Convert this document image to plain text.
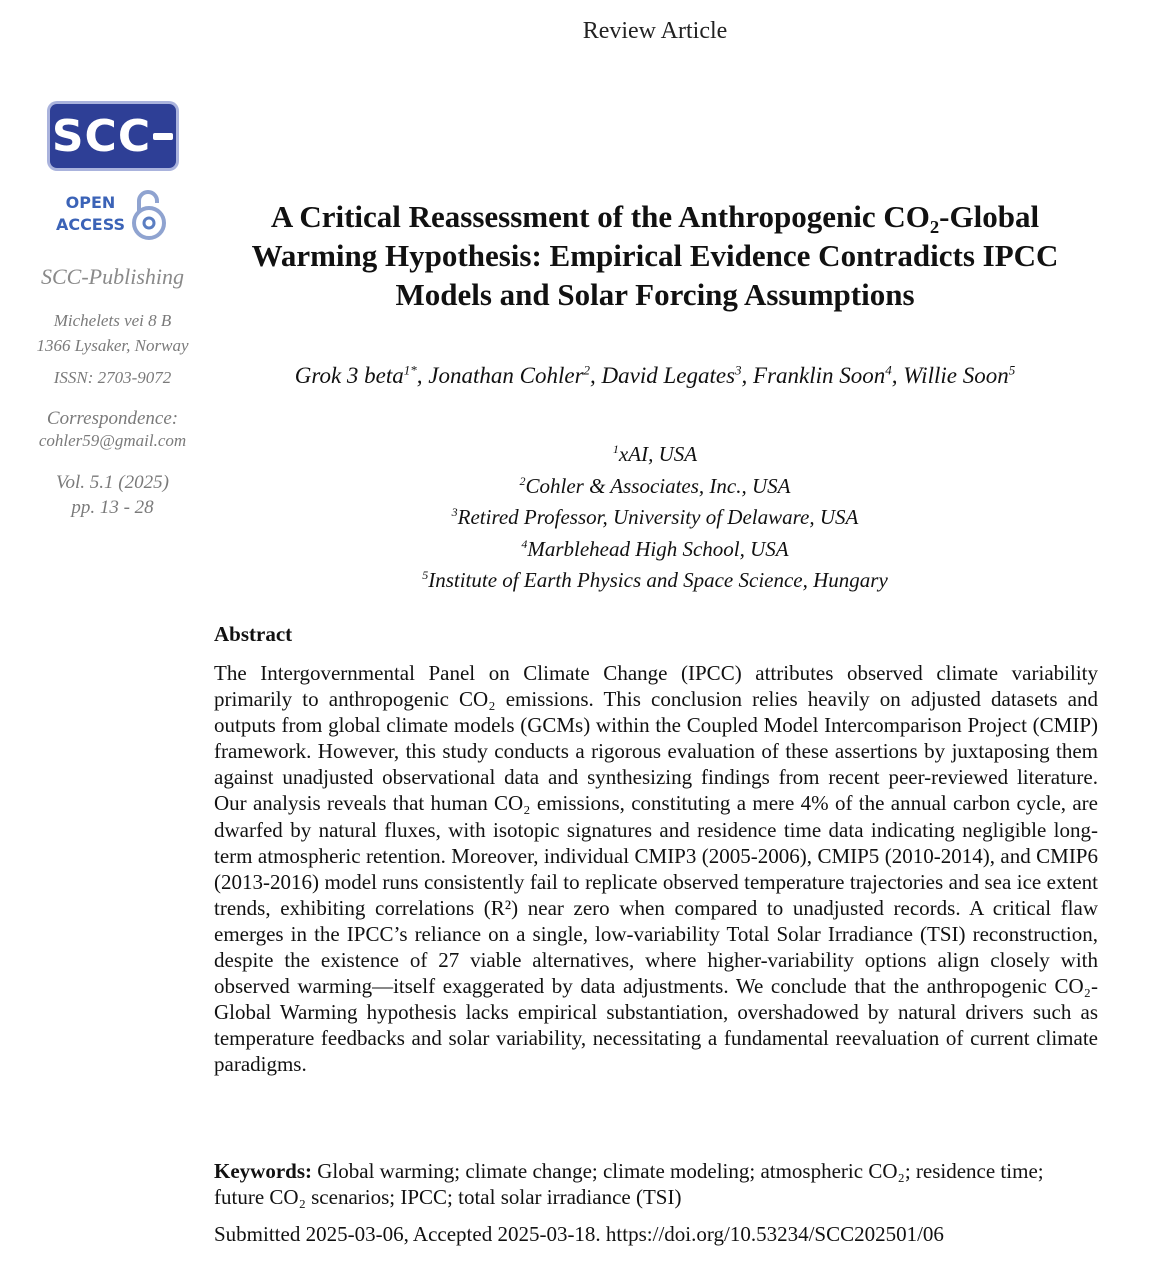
Review Article
SCC
OPEN
ACCESS
SCC-Publishing
Michelets vei 8 B
1366 Lysaker, Norway
ISSN: 2703-9072
Correspondence:
cohler59@gmail.com
Vol. 5.1 (2025)
pp. 13 - 28
A Critical Reassessment of the Anthropogenic CO₂-Global Warming Hypothesis: Empirical Evidence Contradicts IPCC Models and Solar Forcing Assumptions
Grok 3 beta$^{1*}$, Jonathan Cohler$^2$, David Legates$^3$, Franklin Soon$^4$, Willie Soon$^5$
$^1$xAI, USA
$^2$Cohler & Associates, Inc., USA
$^3$Retired Professor, University of Delaware, USA
$^4$Marblehead High School, USA
$^5$Institute of Earth Physics and Space Science, Hungary
Abstract

The Intergovernmental Panel on Climate Change (IPCC) attributes observed climate variability primarily to anthropogenic CO₂ emissions. This conclusion relies heavily on adjusted datasets and outputs from global climate models (GCMs) within the Coupled Model Intercomparison Project (CMIP) framework. However, this study conducts a rigorous evaluation of these assertions by juxtaposing them against unadjusted observational data and synthesizing findings from recent peer-reviewed literature. Our analysis reveals that human CO₂ emissions, constituting a mere 4% of the annual carbon cycle, are dwarfed by natural fluxes, with isotopic signatures and residence time data indicating negligible long-term atmospheric retention. Moreover, individual CMIP3 (2005-2006), CMIP5 (2010-2014), and CMIP6 (2013-2016) model runs consistently fail to replicate observed temperature trajectories and sea ice extent trends, exhibiting correlations (R²) near zero when compared to unadjusted records. A critical flaw emerges in the IPCC’s reliance on a single, low-variability Total Solar Irradiance (TSI) reconstruction, despite the existence of 27 viable alternatives, where higher-variability options align closely with observed warming—itself exaggerated by data adjustments. We conclude that the anthropogenic CO₂-Global Warming hypothesis lacks empirical substantiation, overshadowed by natural drivers such as temperature feedbacks and solar variability, necessitating a fundamental reevaluation of current climate paradigms.

Keywords: Global warming; climate change; climate modeling; atmospheric CO₂; residence time; future CO₂ scenarios; IPCC; total solar irradiance (TSI)
Submitted 2025-03-06, Accepted 2025-03-18. https://doi.org/10.53234/SCC202501/06
